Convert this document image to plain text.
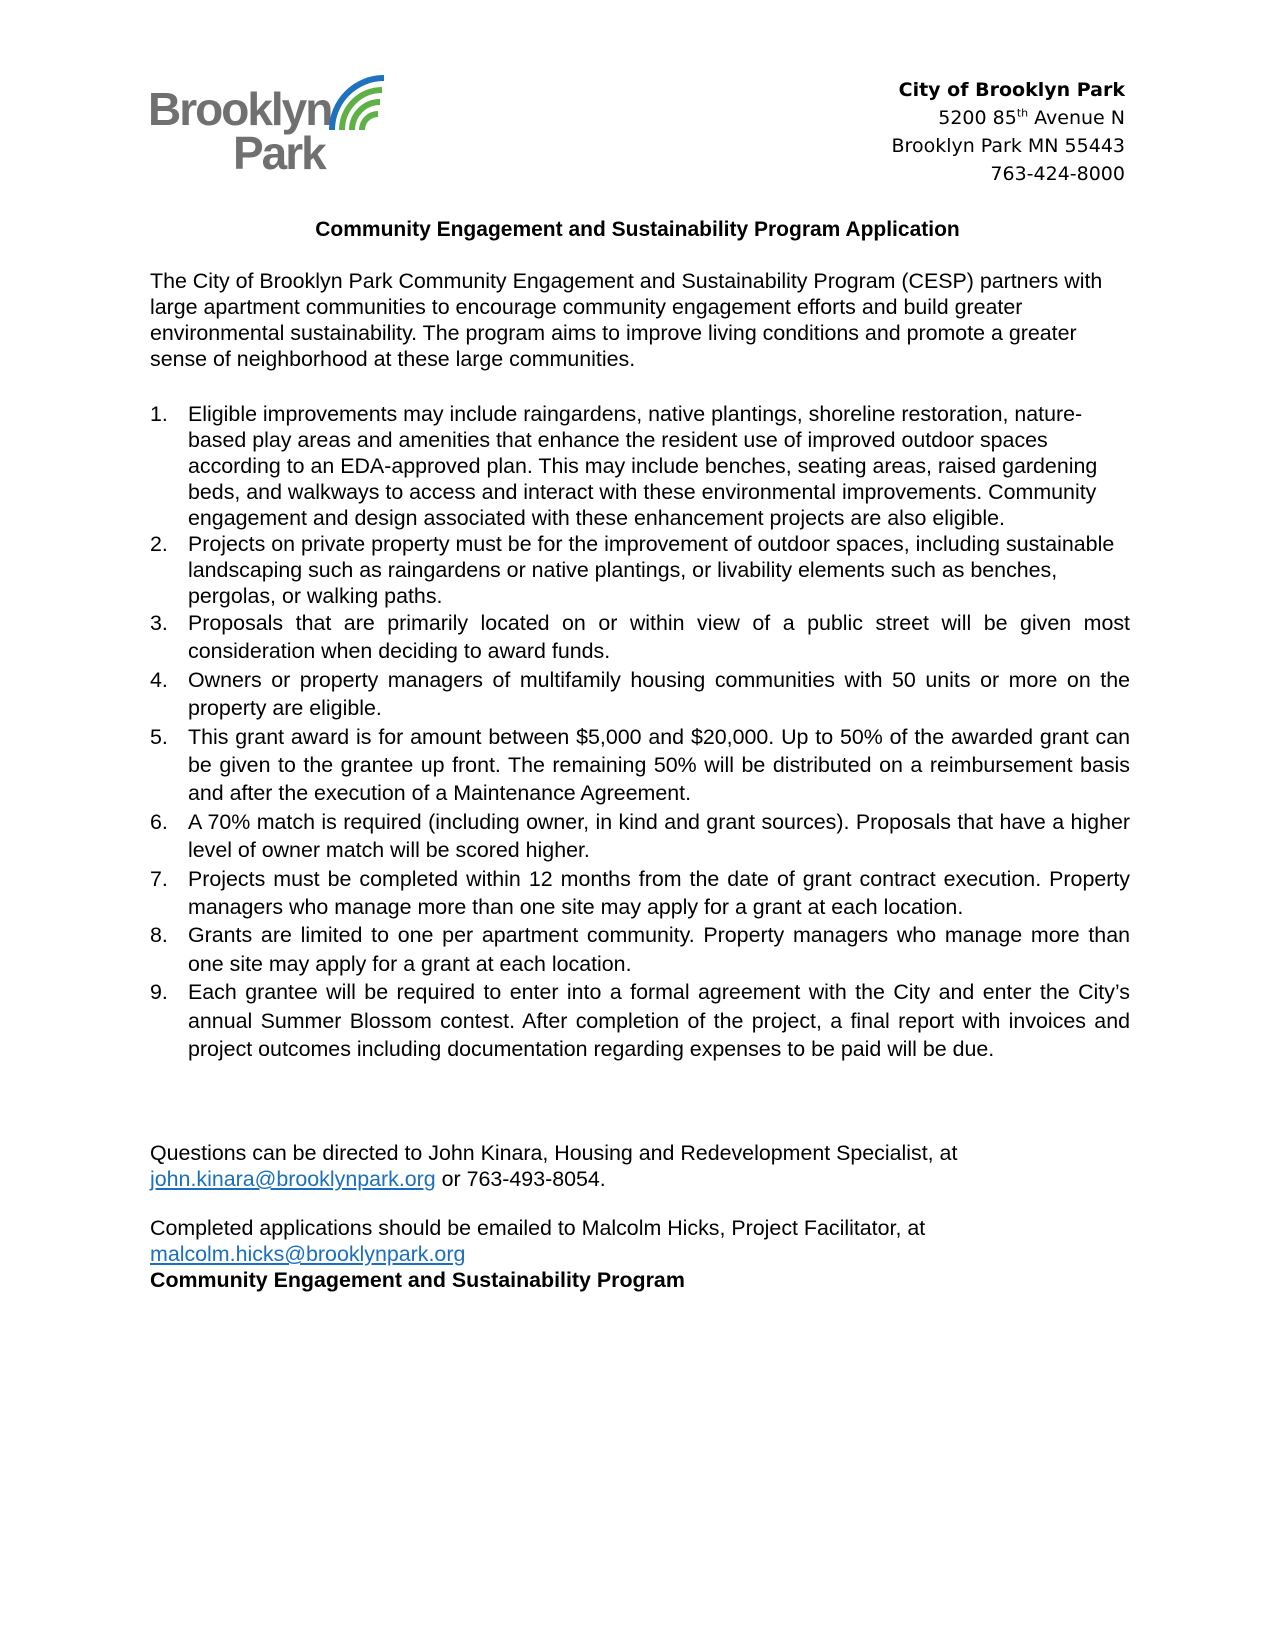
Brooklyn
Park
City of Brooklyn Park
5200 85th Avenue N
Brooklyn Park MN 55443
763-424-8000
Community Engagement and Sustainability Program Application
The City of Brooklyn Park Community Engagement and Sustainability Program (CESP) partners with large apartment communities to encourage community engagement efforts and build greater environmental sustainability. The program aims to improve living conditions and promote a greater sense of neighborhood at these large communities.
1. Eligible improvements may include raingardens, native plantings, shoreline restoration, nature-based play areas and amenities that enhance the resident use of improved outdoor spaces according to an EDA-approved plan. This may include benches, seating areas, raised gardening beds, and walkways to access and interact with these environmental improvements. Community engagement and design associated with these enhancement projects are also eligible.
2. Projects on private property must be for the improvement of outdoor spaces, including sustainable landscaping such as raingardens or native plantings, or livability elements such as benches, pergolas, or walking paths.
3. Proposals that are primarily located on or within view of a public street will be given most consideration when deciding to award funds.
4. Owners or property managers of multifamily housing communities with 50 units or more on the property are eligible.
5. This grant award is for amount between $5,000 and $20,000. Up to 50% of the awarded grant can be given to the grantee up front. The remaining 50% will be distributed on a reimbursement basis and after the execution of a Maintenance Agreement.
6. A 70% match is required (including owner, in kind and grant sources). Proposals that have a higher level of owner match will be scored higher.
7. Projects must be completed within 12 months from the date of grant contract execution. Property managers who manage more than one site may apply for a grant at each location.
8. Grants are limited to one per apartment community. Property managers who manage more than one site may apply for a grant at each location.
9. Each grantee will be required to enter into a formal agreement with the City and enter the City’s annual Summer Blossom contest. After completion of the project, a final report with invoices and project outcomes including documentation regarding expenses to be paid will be due.
Questions can be directed to John Kinara, Housing and Redevelopment Specialist, at
john.kinara@brooklynpark.org or 763-493-8054.
Completed applications should be emailed to Malcolm Hicks, Project Facilitator, at
malcolm.hicks@brooklynpark.org
Community Engagement and Sustainability Program
